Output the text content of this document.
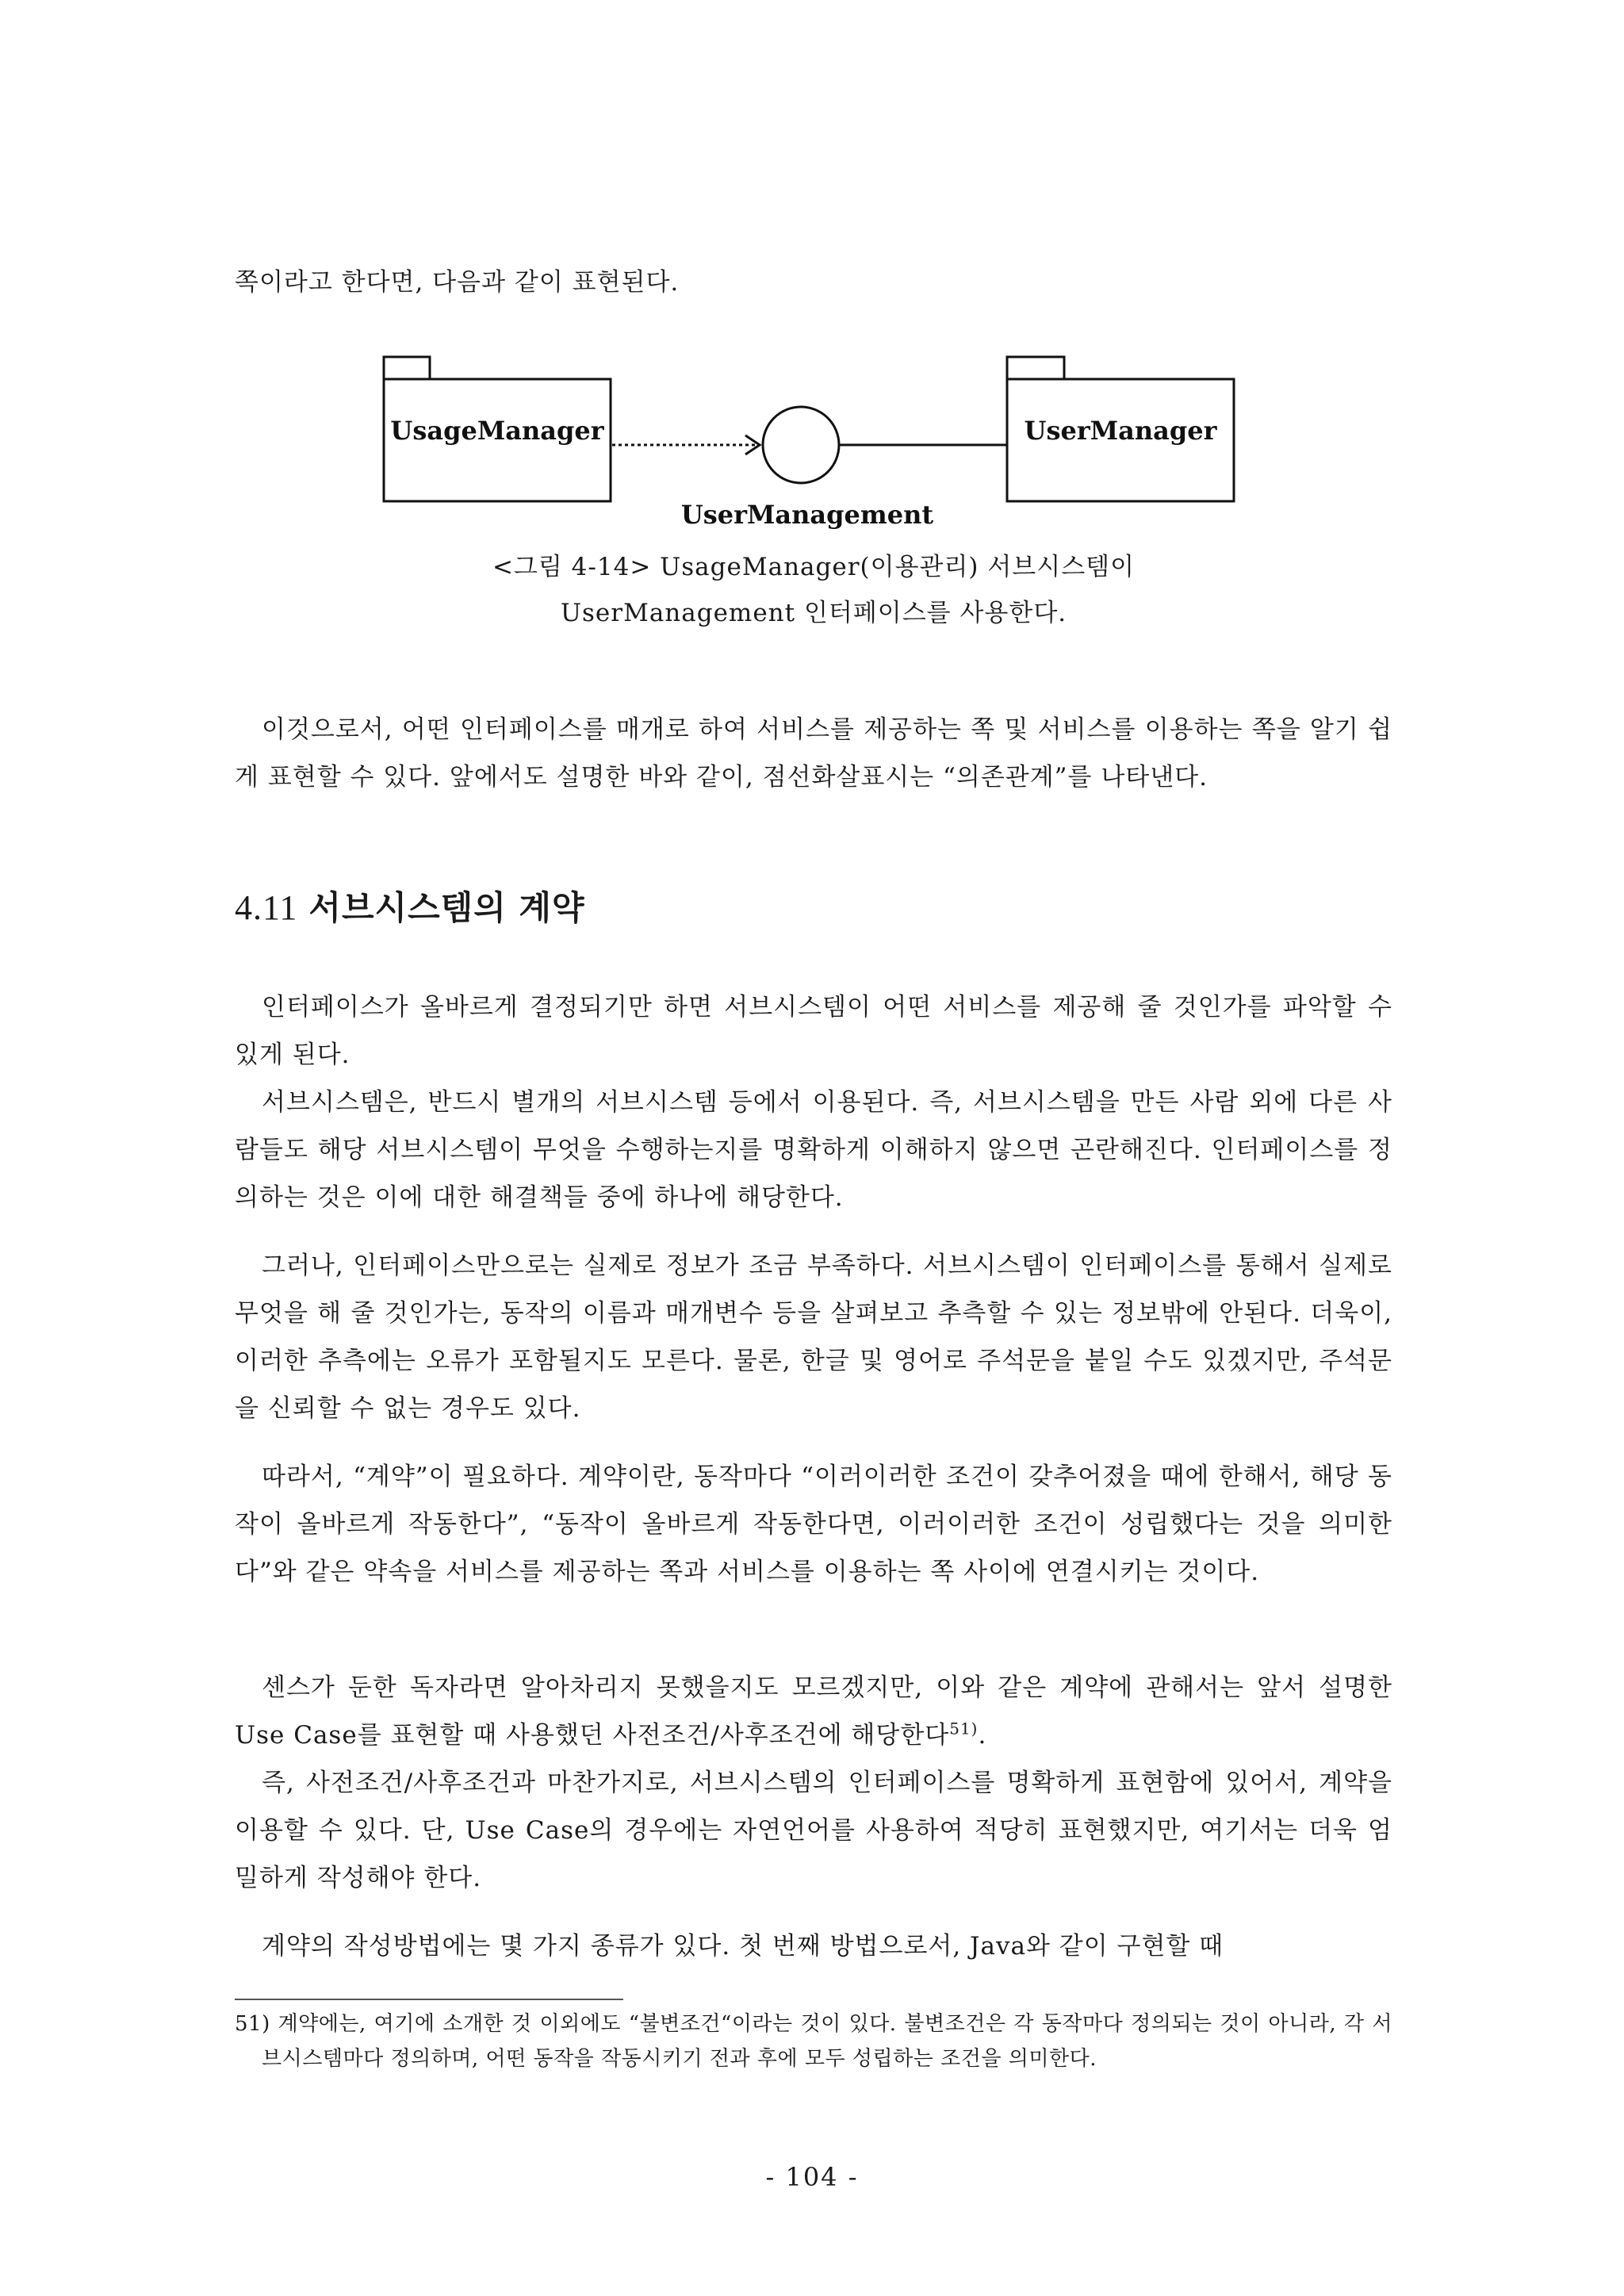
쪽이라고 한다면, 다음과 같이 표현된다.

UsageManager
UserManagement
UserManager
<그림 4-14> UsageManager(이용관리) 서브시스템이
UserManagement 인터페이스를 사용한다.

이것으로서, 어떤 인터페이스를 매개로 하여 서비스를 제공하는 쪽 및 서비스를 이용하는 쪽을 알기 쉽게 표현할 수 있다. 앞에서도 설명한 바와 같이, 점선화살표시는 “의존관계”를 나타낸다.

4.11 서브시스템의 계약

인터페이스가 올바르게 결정되기만 하면 서브시스템이 어떤 서비스를 제공해 줄 것인가를 파악할 수 있게 된다.

서브시스템은, 반드시 별개의 서브시스템 등에서 이용된다. 즉, 서브시스템을 만든 사람 외에 다른 사람들도 해당 서브시스템이 무엇을 수행하는지를 명확하게 이해하지 않으면 곤란해진다. 인터페이스를 정의하는 것은 이에 대한 해결책들 중에 하나에 해당한다.

그러나, 인터페이스만으로는 실제로 정보가 조금 부족하다. 서브시스템이 인터페이스를 통해서 실제로 무엇을 해 줄 것인가는, 동작의 이름과 매개변수 등을 살펴보고 추측할 수 있는 정보밖에 안된다. 더욱이, 이러한 추측에는 오류가 포함될지도 모른다. 물론, 한글 및 영어로 주석문을 붙일 수도 있겠지만, 주석문을 신뢰할 수 없는 경우도 있다.

따라서, “계약”이 필요하다. 계약이란, 동작마다 “이러이러한 조건이 갖추어졌을 때에 한해서, 해당 동작이 올바르게 작동한다”, “동작이 올바르게 작동한다면, 이러이러한 조건이 성립했다는 것을 의미한다”와 같은 약속을 서비스를 제공하는 쪽과 서비스를 이용하는 쪽 사이에 연결시키는 것이다.

센스가 둔한 독자라면 알아차리지 못했을지도 모르겠지만, 이와 같은 계약에 관해서는 앞서 설명한 Use Case를 표현할 때 사용했던 사전조건/사후조건에 해당한다$^{51)}$.

즉, 사전조건/사후조건과 마찬가지로, 서브시스템의 인터페이스를 명확하게 표현함에 있어서, 계약을 이용할 수 있다. 단, Use Case의 경우에는 자연언어를 사용하여 적당히 표현했지만, 여기서는 더욱 엄밀하게 작성해야 한다.

계약의 작성방법에는 몇 가지 종류가 있다. 첫 번째 방법으로서, Java와 같이 구현할 때

51) 계약에는, 여기에 소개한 것 이외에도 “불변조건“이라는 것이 있다. 불변조건은 각 동작마다 정의되는 것이 아니라, 각 서브시스템마다 정의하며, 어떤 동작을 작동시키기 전과 후에 모두 성립하는 조건을 의미한다.
- 104 -
